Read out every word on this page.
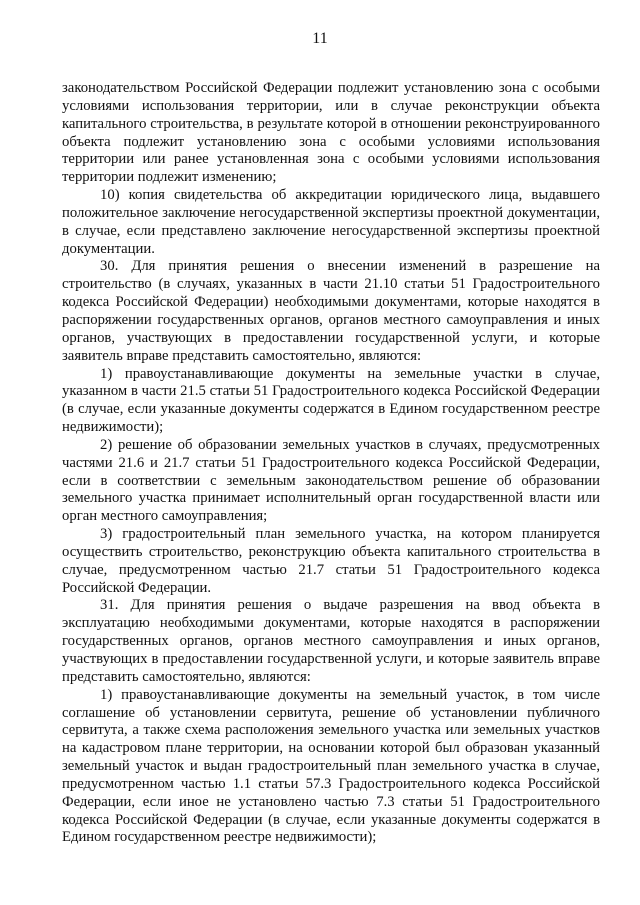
11

законодательством Российской Федерации подлежит установлению зона с особыми условиями использования территории, или в случае реконструкции объекта капитального строительства, в результате которой в отношении реконструированного объекта подлежит установлению зона с особыми условиями использования территории или ранее установленная зона с особыми условиями использования территории подлежит изменению;

10) копия свидетельства об аккредитации юридического лица, выдавшего положительное заключение негосударственной экспертизы проектной документации, в случае, если представлено заключение негосударственной экспертизы проектной документации.

30. Для принятия решения о внесении изменений в разрешение на строительство (в случаях, указанных в части 21.10 статьи 51 Градостроительного кодекса Российской Федерации) необходимыми документами, которые находятся в распоряжении государственных органов, органов местного самоуправления и иных органов, участвующих в предоставлении государственной услуги, и которые заявитель вправе представить самостоятельно, являются:

1) правоустанавливающие документы на земельные участки в случае, указанном в части 21.5 статьи 51 Градостроительного кодекса Российской Федерации (в случае, если указанные документы содержатся в Едином государственном реестре недвижимости);

2) решение об образовании земельных участков в случаях, предусмотренных частями 21.6 и 21.7 статьи 51 Градостроительного кодекса Российской Федерации, если в соответствии с земельным законодательством решение об образовании земельного участка принимает исполнительный орган государственной власти или орган местного самоуправления;

3) градостроительный план земельного участка, на котором планируется осуществить строительство, реконструкцию объекта капитального строительства в случае, предусмотренном частью 21.7 статьи 51 Градостроительного кодекса Российской Федерации.

31. Для принятия решения о выдаче разрешения на ввод объекта в эксплуатацию необходимыми документами, которые находятся в распоряжении государственных органов, органов местного самоуправления и иных органов, участвующих в предоставлении государственной услуги, и которые заявитель вправе представить самостоятельно, являются:

1) правоустанавливающие документы на земельный участок, в том числе соглашение об установлении сервитута, решение об установлении публичного сервитута, а также схема расположения земельного участка или земельных участков на кадастровом плане территории, на основании которой был образован указанный земельный участок и выдан градостроительный план земельного участка в случае, предусмотренном частью 1.1 статьи 57.3 Градостроительного кодекса Российской Федерации, если иное не установлено частью 7.3 статьи 51 Градостроительного кодекса Российской Федерации (в случае, если указанные документы содержатся в Едином государственном реестре недвижимости);
